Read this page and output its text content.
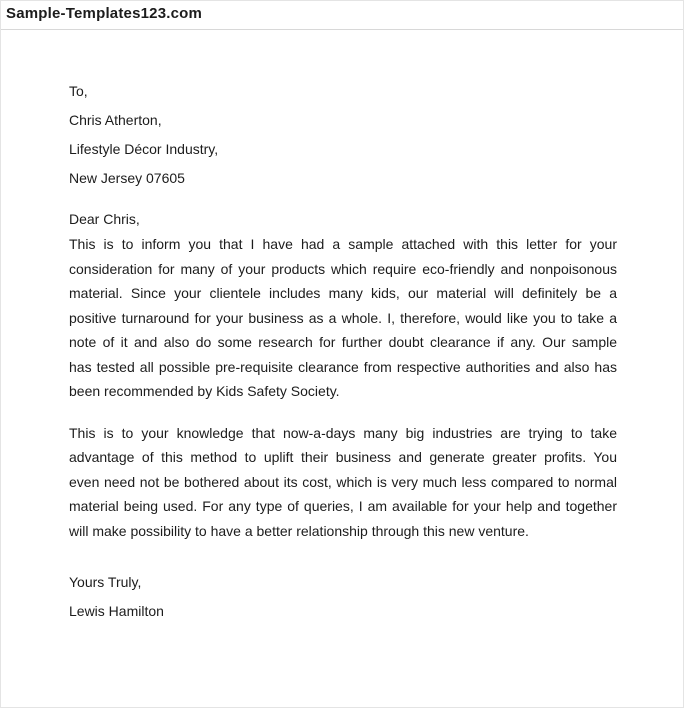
Sample-Templates123.com
To,
Chris Atherton,
Lifestyle Décor Industry,
New Jersey 07605
Dear Chris,
This is to inform you that I have had a sample attached with this letter for your
consideration for many of your products which require eco-friendly and nonpoisonous
material. Since your clientele includes many kids, our material will definitely be a
positive turnaround for your business as a whole. I, therefore, would like you to take a
note of it and also do some research for further doubt clearance if any. Our sample
has tested all possible pre-requisite clearance from respective authorities and also has
been recommended by Kids Safety Society.
This is to your knowledge that now-a-days many big industries are trying to take
advantage of this method to uplift their business and generate greater profits. You
even need not be bothered about its cost, which is very much less compared to normal
material being used. For any type of queries, I am available for your help and together
will make possibility to have a better relationship through this new venture.
Yours Truly,
Lewis Hamilton
